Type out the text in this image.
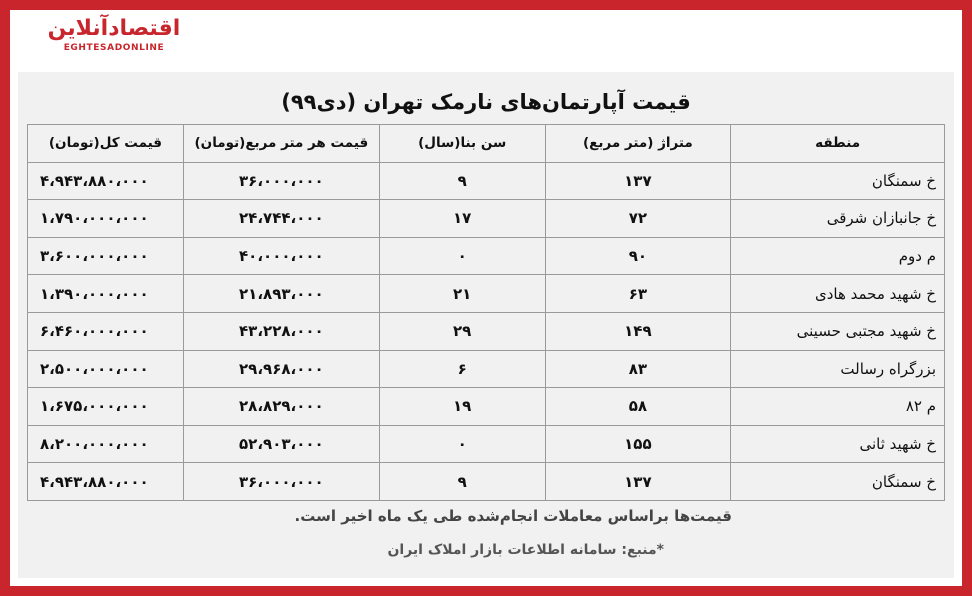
اقتصادآنلاین
EGHTESADONLINE
قیمت آپارتمان‌های نارمک تهران (دی۹۹)
منطقه	متراژ (متر مربع)	سن بنا(سال)	قیمت هر متر مربع(تومان)	قیمت کل(تومان)
خ سمنگان	۱۳۷	۹	۳۶،۰۰۰،۰۰۰	۴،۹۴۳،۸۸۰،۰۰۰
خ جانبازان شرقی	۷۲	۱۷	۲۴،۷۴۴،۰۰۰	۱،۷۹۰،۰۰۰،۰۰۰
م دوم	۹۰	۰	۴۰،۰۰۰،۰۰۰	۳،۶۰۰،۰۰۰،۰۰۰
خ شهید محمد هادی	۶۳	۲۱	۲۱،۸۹۳،۰۰۰	۱،۳۹۰،۰۰۰،۰۰۰
خ شهید مجتبی حسینی	۱۴۹	۲۹	۴۳،۲۲۸،۰۰۰	۶،۴۶۰،۰۰۰،۰۰۰
بزرگراه رسالت	۸۳	۶	۲۹،۹۶۸،۰۰۰	۲،۵۰۰،۰۰۰،۰۰۰
م ۸۲	۵۸	۱۹	۲۸،۸۲۹،۰۰۰	۱،۶۷۵،۰۰۰،۰۰۰
خ شهید ثانی	۱۵۵	۰	۵۲،۹۰۳،۰۰۰	۸،۲۰۰،۰۰۰،۰۰۰
خ سمنگان	۱۳۷	۹	۳۶،۰۰۰،۰۰۰	۴،۹۴۳،۸۸۰،۰۰۰
قیمت‌ها براساس معاملات انجام‌شده طی یک ماه اخیر است.
*منبع: سامانه اطلاعات بازار املاک ایران
